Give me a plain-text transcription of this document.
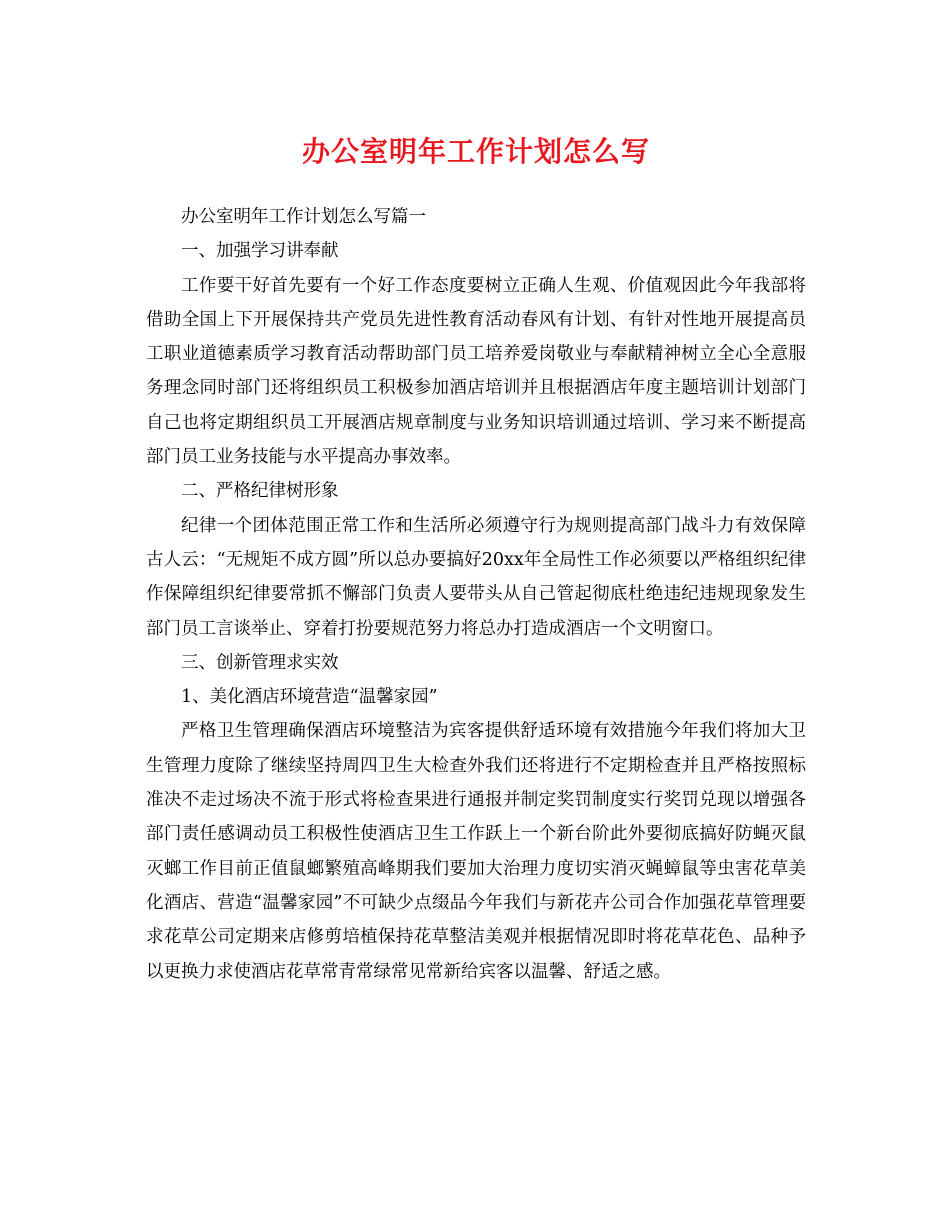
办公室明年工作计划怎么写

办公室明年工作计划怎么写篇一

一、加强学习讲奉献

工作要干好首先要有一个好工作态度要树立正确人生观、价值观因此今年我部将借助全国上下开展保持共产党员先进性教育活动春风有计划、有针对性地开展提高员工职业道德素质学习教育活动帮助部门员工培养爱岗敬业与奉献精神树立全心全意服务理念同时部门还将组织员工积极参加酒店培训并且根据酒店年度主题培训计划部门自己也将定期组织员工开展酒店规章制度与业务知识培训通过培训、学习来不断提高部门员工业务技能与水平提高办事效率。

二、严格纪律树形象

纪律一个团体范围正常工作和生活所必须遵守行为规则提高部门战斗力有效保障古人云：“无规矩不成方圆”所以总办要搞好20xx年全局性工作必须要以严格组织纪律作保障组织纪律要常抓不懈部门负责人要带头从自己管起彻底杜绝违纪违规现象发生部门员工言谈举止、穿着打扮要规范努力将总办打造成酒店一个文明窗口。

三、创新管理求实效

1、美化酒店环境营造“温馨家园”

严格卫生管理确保酒店环境整洁为宾客提供舒适环境有效措施今年我们将加大卫生管理力度除了继续坚持周四卫生大检查外我们还将进行不定期检查并且严格按照标准决不走过场决不流于形式将检查果进行通报并制定奖罚制度实行奖罚兑现以增强各部门责任感调动员工积极性使酒店卫生工作跃上一个新台阶此外要彻底搞好防蝇灭鼠灭螂工作目前正值鼠螂繁殖高峰期我们要加大治理力度切实消灭蝇蟑鼠等虫害花草美化酒店、营造“温馨家园”不可缺少点缀品今年我们与新花卉公司合作加强花草管理要求花草公司定期来店修剪培植保持花草整洁美观并根据情况即时将花草花色、品种予以更换力求使酒店花草常青常绿常见常新给宾客以温馨、舒适之感。
